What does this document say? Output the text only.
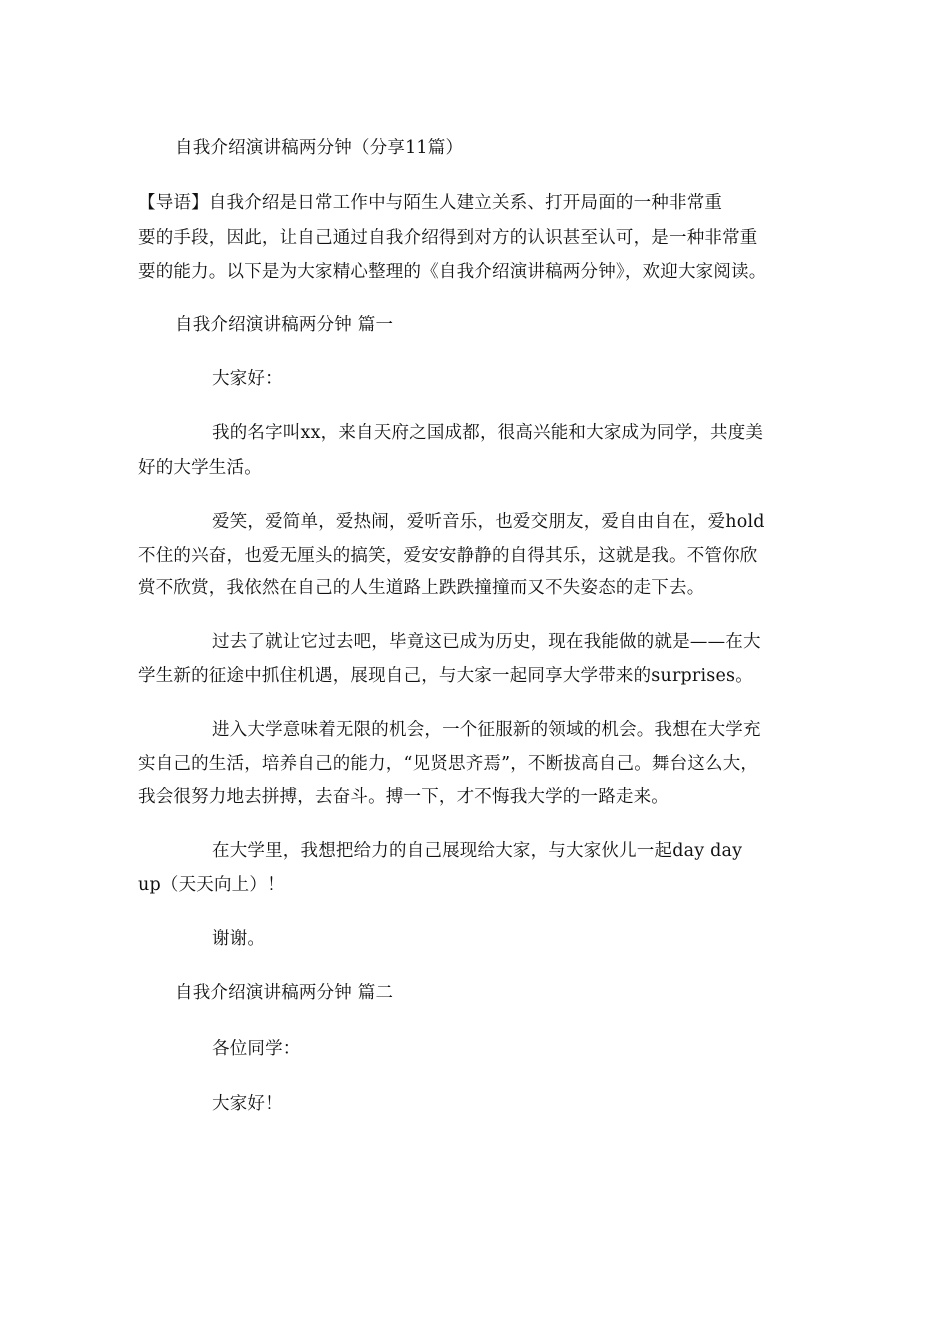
自我介绍演讲稿两分钟（分享11篇）

【导语】自我介绍是日常工作中与陌生人建立关系、打开局面的一种非常重

要的手段，因此，让自己通过自我介绍得到对方的认识甚至认可，是一种非常重

要的能力。以下是为大家精心整理的《自我介绍演讲稿两分钟》，欢迎大家阅读。

自我介绍演讲稿两分钟 篇一

大家好：

我的名字叫xx，来自天府之国成都，很高兴能和大家成为同学，共度美

好的大学生活。

爱笑，爱简单，爱热闹，爱听音乐，也爱交朋友，爱自由自在，爱hold

不住的兴奋，也爱无厘头的搞笑，爱安安静静的自得其乐，这就是我。不管你欣

赏不欣赏，我依然在自己的人生道路上跌跌撞撞而又不失姿态的走下去。

过去了就让它过去吧，毕竟这已成为历史，现在我能做的就是——在大

学生新的征途中抓住机遇，展现自己，与大家一起同享大学带来的surprises。

进入大学意味着无限的机会，一个征服新的领域的机会。我想在大学充

实自己的生活，培养自己的能力，“见贤思齐焉”，不断拔高自己。舞台这么大，

我会很努力地去拼搏，去奋斗。搏一下，才不悔我大学的一路走来。

在大学里，我想把给力的自己展现给大家，与大家伙儿一起day day

up（天天向上）！

谢谢。

自我介绍演讲稿两分钟 篇二

各位同学：

大家好！
